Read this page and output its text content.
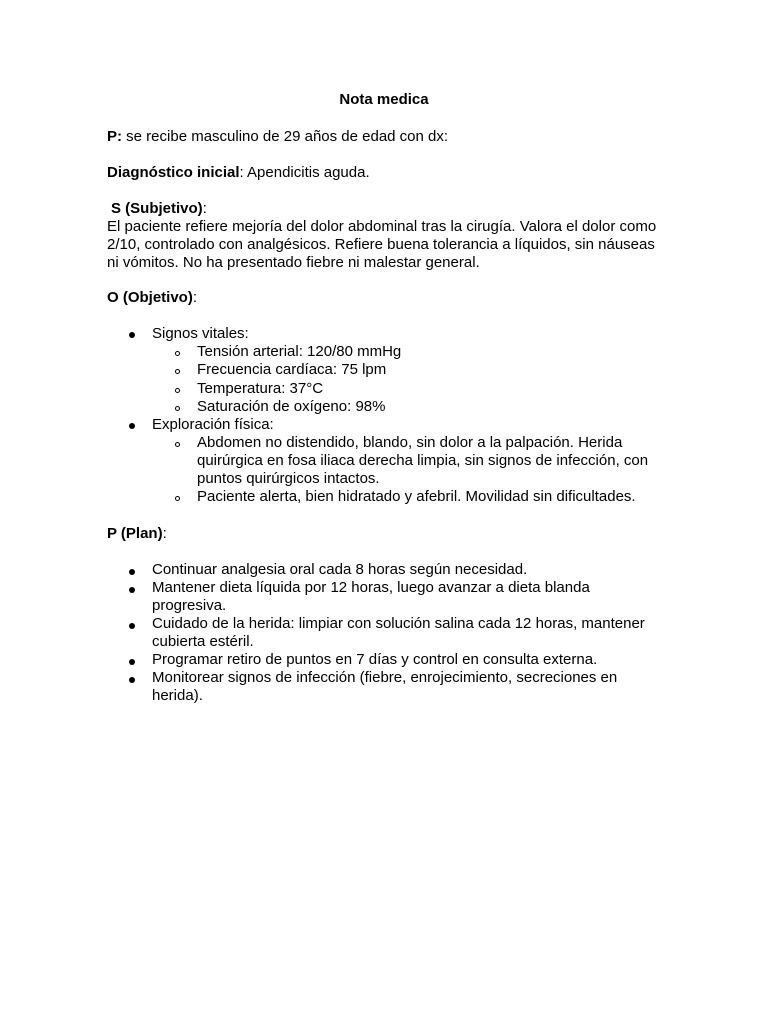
Nota medica
P: se recibe masculino de 29 años de edad con dx:
Diagnóstico inicial: Apendicitis aguda.
S (Subjetivo):
El paciente refiere mejoría del dolor abdominal tras la cirugía. Valora el dolor como
2/10, controlado con analgésicos. Refiere buena tolerancia a líquidos, sin náuseas
ni vómitos. No ha presentado fiebre ni malestar general.
O (Objetivo):
Signos vitales:
Tensión arterial: 120/80 mmHg
Frecuencia cardíaca: 75 lpm
Temperatura: 37°C
Saturación de oxígeno: 98%
Exploración física:
Abdomen no distendido, blando, sin dolor a la palpación. Herida
quirúrgica en fosa iliaca derecha limpia, sin signos de infección, con
puntos quirúrgicos intactos.
Paciente alerta, bien hidratado y afebril. Movilidad sin dificultades.
P (Plan):
Continuar analgesia oral cada 8 horas según necesidad.
Mantener dieta líquida por 12 horas, luego avanzar a dieta blanda
progresiva.
Cuidado de la herida: limpiar con solución salina cada 12 horas, mantener
cubierta estéril.
Programar retiro de puntos en 7 días y control en consulta externa.
Monitorear signos de infección (fiebre, enrojecimiento, secreciones en
herida).
